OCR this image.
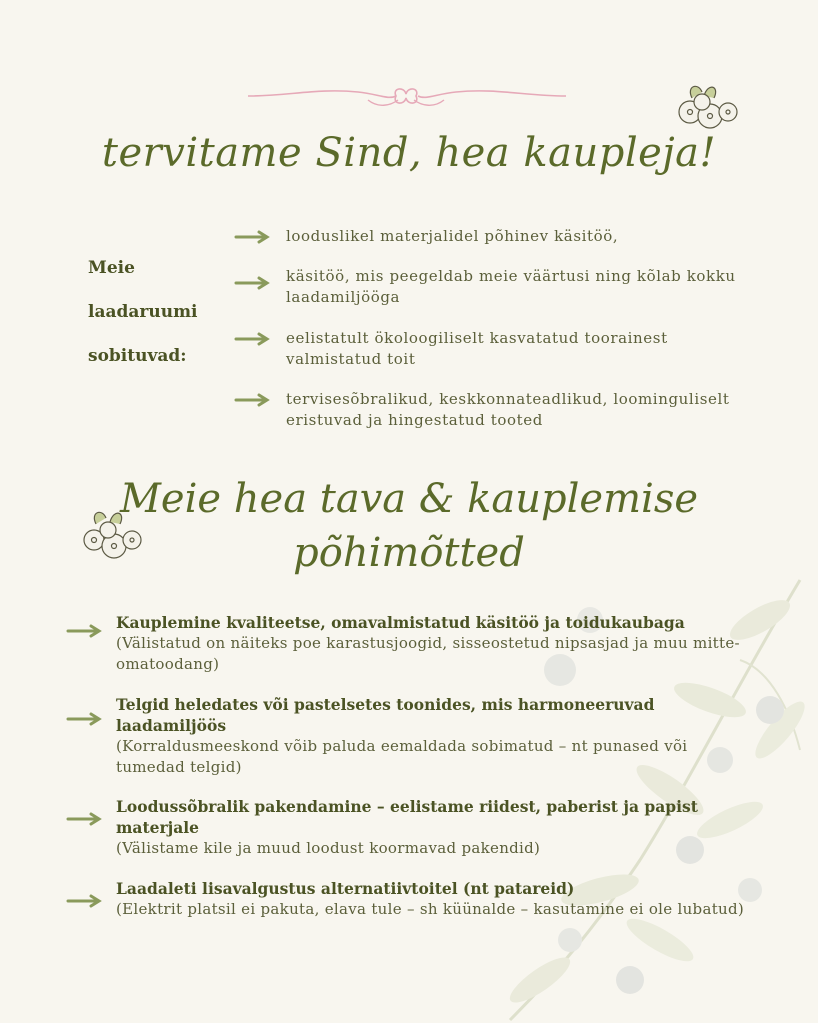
tervitame Sind, hea kaupleja!
Meie
laadaruumi
sobituvad:
looduslikel materjalidel põhinev käsitöö,
käsitöö, mis peegeldab meie väärtusi ning kõlab kokku laadamiljööga
eelistatult ökoloogiliselt kasvatatud toorainest valmistatud toit
tervisesõbralikud, keskkonnateadlikud, loominguliselt eristuvad ja hingestatud tooted
Meie hea tava & kauplemise
põhimõtted
Kauplemine kvaliteetse, omavalmistatud käsitöö ja toidukaubaga
(Välistatud on näiteks poe karastusjoogid, sisseostetud nipsasjad ja muu mitte-omatoodang)
Telgid heledates või pastelsetes toonides, mis harmoneeruvad laadamiljöös
(Korraldusmeeskond võib paluda eemaldada sobimatud – nt punased või tumedad telgid)
Loodussõbralik pakendamine – eelistame riidest, paberist ja papist materjale
(Välistame kile ja muud loodust koormavad pakendid)
Laadaleti lisavalgustus alternatiivtoitel (nt patareid)
(Elektrit platsil ei pakuta, elava tule – sh küünalde – kasutamine ei ole lubatud)
